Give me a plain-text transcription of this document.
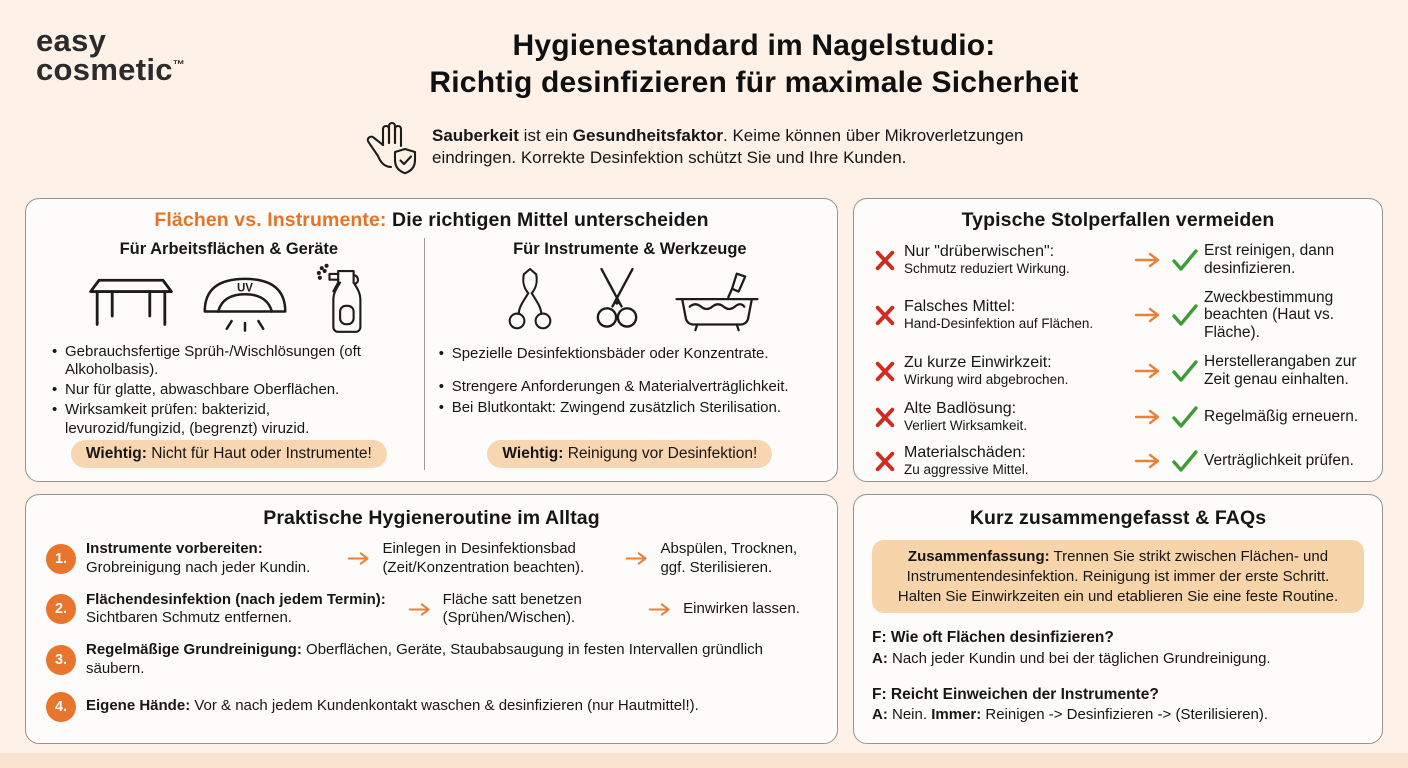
easy
cosmetic™
Hygienestandard im Nagelstudio:
Richtig desinfizieren für maximale Sicherheit
Sauberkeit ist ein Gesundheitsfaktor. Keime können über Mikroverletzungen eindringen. Korrekte Desinfektion schützt Sie und Ihre Kunden.
Flächen vs. Instrumente: Die richtigen Mittel unterscheiden
Für Arbeitsflächen & Geräte
UV
• Gebrauchsfertige Sprüh-/Wischlösungen (oft Alkoholbasis).
• Nur für glatte, abwaschbare Oberflächen.
• Wirksamkeit prüfen: bakterizid, levurozid/fungizid, (begrenzt) viruzid.
Wiehtig: Nicht für Haut oder Instrumente!
Für Instrumente & Werkzeuge
• Spezielle Desinfektionsbäder oder Konzentrate.
• Strengere Anforderungen & Materialverträglichkeit.
• Bei Blutkontakt: Zwingend zusätzlich Sterilisation.
Wiehtig: Reinigung vor Desinfektion!
Typische Stolperfallen vermeiden
Nur "drüberwischen":
Schmutz reduziert Wirkung.
Erst reinigen, dann desinfizieren.
Falsches Mittel:
Hand-Desinfektion auf Flächen.
Zweckbestimmung beachten (Haut vs. Fläche).
Zu kurze Einwirkzeit:
Wirkung wird abgebrochen.
Herstellerangaben zur Zeit genau einhalten.
Alte Badlösung:
Verliert Wirksamkeit.
Regelmäßig erneuern.
Materialschäden:
Zu aggressive Mittel.
Verträglichkeit prüfen.
Praktische Hygieneroutine im Alltag
1.
Instrumente vorbereiten:
Grobreinigung nach jeder Kundin.
Einlegen in Desinfektionsbad (Zeit/Konzentration beachten).
Abspülen, Trocknen, ggf. Sterilisieren.
2.
Flächendesinfektion (nach jedem Termin):
Sichtbaren Schmutz entfernen.
Fläche satt benetzen (Sprühen/Wischen).
Einwirken lassen.
3.
Regelmäßige Grundreinigung: Oberflächen, Geräte, Staubabsaugung in festen Intervallen gründlich säubern.
4.	Eigene Hände: Vor & nach jedem Kundenkontakt waschen & desinfizieren (nur Hautmittel!).
Kurz zusammengefasst & FAQs
Zusammenfassung: Trennen Sie strikt zwischen Flächen- und Instrumentendesinfektion. Reinigung ist immer der erste Schritt. Halten Sie Einwirkzeiten ein und etablieren Sie eine feste Routine.
F: Wie oft Flächen desinfizieren?
A: Nach jeder Kundin und bei der täglichen Grundreinigung.
F: Reicht Einweichen der Instrumente?
A: Nein. Immer: Reinigen -> Desinfizieren -> (Sterilisieren).
